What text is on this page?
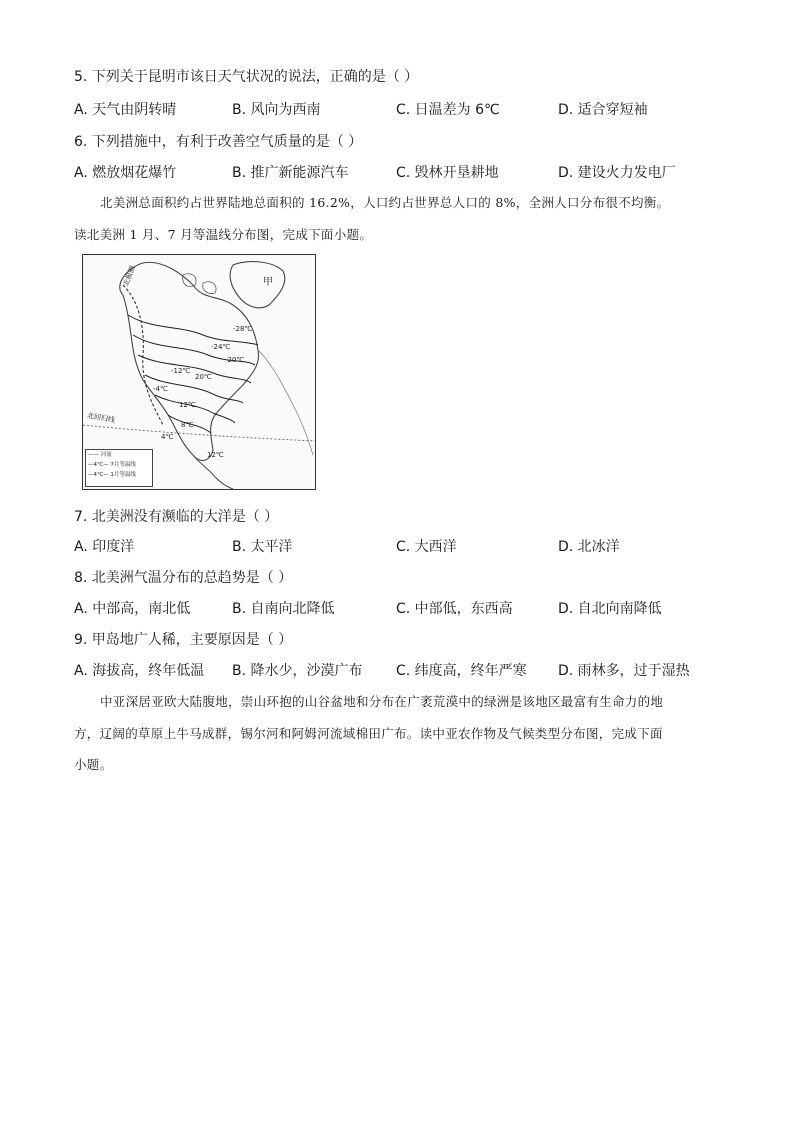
5. 下列关于昆明市该日天气状况的说法，正确的是（ ）
A. 天气由阴转晴	B. 风向为西南	C. 日温差为 6℃	D. 适合穿短袖
6. 下列措施中，有利于改善空气质量的是（ ）
A. 燃放烟花爆竹	B. 推广新能源汽车	C. 毁林开垦耕地	D. 建设火力发电厂
北美洲总面积约占世界陆地总面积的 16.2%，人口约占世界总人口的 8%，全洲人口分布很不均衡。
读北美洲 1 月、7 月等温线分布图，完成下面小题。
甲
北回归线
北极圈
-28℃
-24℃
-20℃
-12℃
-4℃
20℃
12℃
8℃
4℃
12℃
—— 河流
—4℃— 7月等温线
—4℃— 1月等温线
7. 北美洲没有濒临的大洋是（ ）
A. 印度洋	B. 太平洋	C. 大西洋	D. 北冰洋
8. 北美洲气温分布的总趋势是（ ）
A. 中部高，南北低	B. 自南向北降低	C. 中部低，东西高	D. 自北向南降低
9. 甲岛地广人稀，主要原因是（ ）
A. 海拔高，终年低温 B. 降水少，沙漠广布 C. 纬度高，终年严寒 D. 雨林多，过于湿热
中亚深居亚欧大陆腹地，崇山环抱的山谷盆地和分布在广袤荒漠中的绿洲是该地区最富有生命力的地
方，辽阔的草原上牛马成群，锡尔河和阿姆河流域棉田广布。读中亚农作物及气候类型分布图，完成下面
小题。
